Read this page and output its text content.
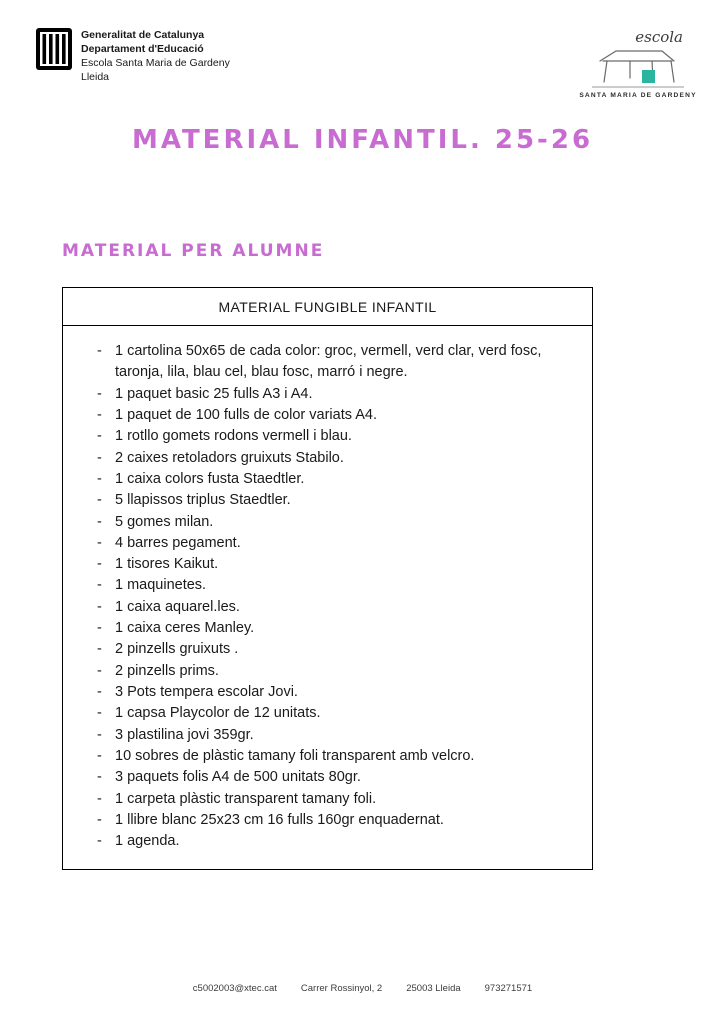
Generalitat de Catalunya
Departament d'Educació
Escola Santa Maria de Gardeny
Lleida
escola
SANTA MARIA DE GARDENY
MATERIAL INFANTIL. 25-26
MATERIAL PER ALUMNE
MATERIAL FUNGIBLE INFANTIL
- 1 cartolina 50x65 de cada color: groc, vermell, verd clar, verd fosc, taronja, lila, blau cel, blau fosc, marró i negre.
- 1 paquet basic 25 fulls A3 i A4.
- 1 paquet de 100 fulls de color variats A4.
- 1 rotllo gomets rodons vermell i blau.
- 2 caixes retoladors gruixuts Stabilo.
- 1 caixa colors fusta Staedtler.
- 5 llapissos triplus Staedtler.
- 5 gomes milan.
- 4 barres pegament.
- 1 tisores Kaikut.
- 1 maquinetes.
- 1 caixa aquarel.les.
- 1 caixa ceres Manley.
- 2 pinzells gruixuts .
- 2 pinzells prims.
- 3 Pots tempera escolar Jovi.
- 1 capsa Playcolor de 12 unitats.
- 3 plastilina jovi 359gr.
- 10 sobres de plàstic tamany foli transparent amb velcro.
- 3 paquets folis A4 de 500 unitats 80gr.
- 1 carpeta plàstic transparent tamany foli.
- 1 llibre blanc 25x23 cm 16 fulls 160gr enquadernat.
- 1 agenda.
c5002003@xtec.cat	Carrer Rossinyol, 2	25003 Lleida	973271571
